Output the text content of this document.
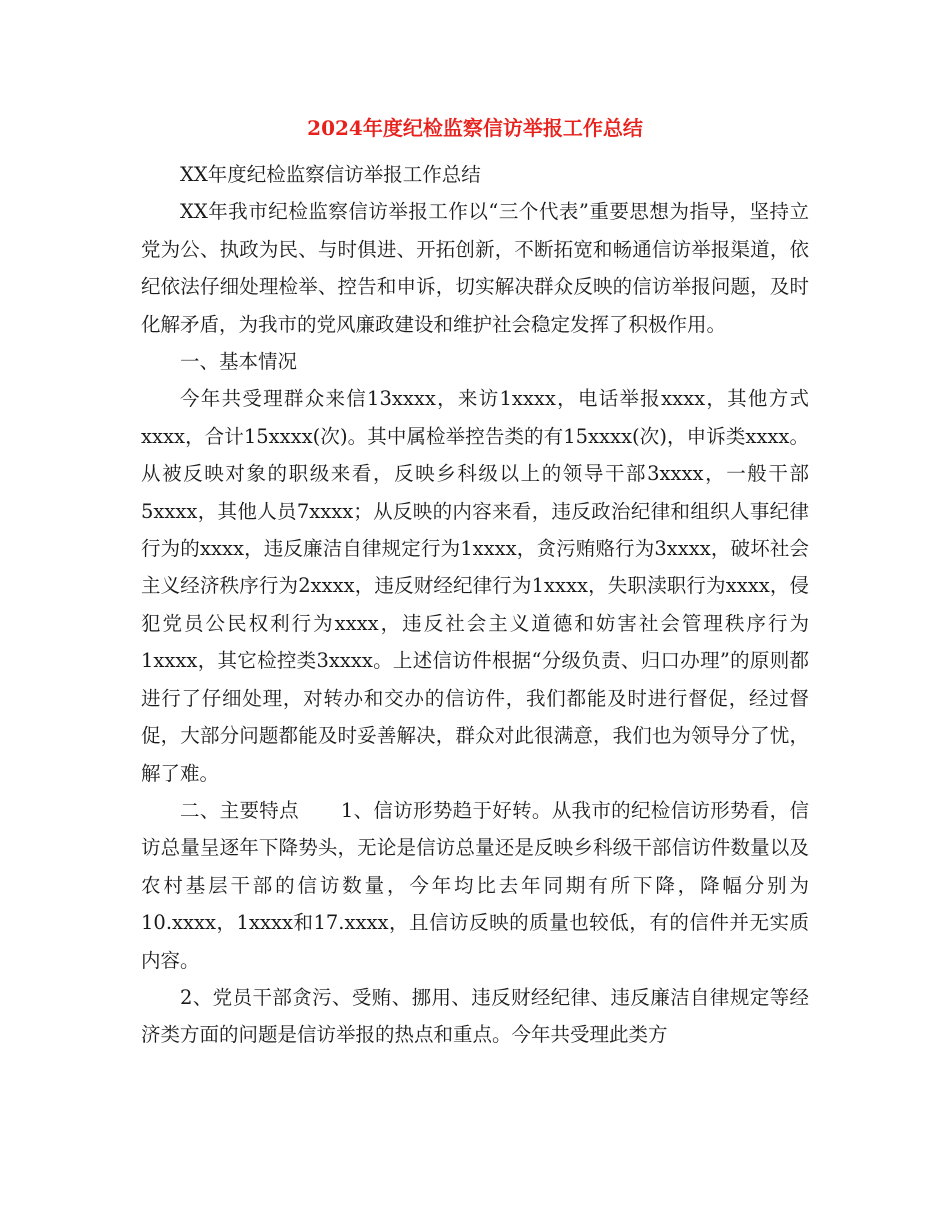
2024年度纪检监察信访举报工作总结

XX年度纪检监察信访举报工作总结

XX年我市纪检监察信访举报工作以“三个代表”重要思想为指导，坚持立党为公、执政为民、与时俱进、开拓创新，不断拓宽和畅通信访举报渠道，依纪依法仔细处理检举、控告和申诉，切实解决群众反映的信访举报问题，及时化解矛盾，为我市的党风廉政建设和维护社会稳定发挥了积极作用。

一、基本情况

今年共受理群众来信13xxxx，来访1xxxx，电话举报xxxx，其他方式xxxx，合计15xxxx(次)。其中属检举控告类的有15xxxx(次)，申诉类xxxx。从被反映对象的职级来看，反映乡科级以上的领导干部3xxxx，一般干部5xxxx，其他人员7xxxx；从反映的内容来看，违反政治纪律和组织人事纪律行为的xxxx，违反廉洁自律规定行为1xxxx，贪污贿赂行为3xxxx，破坏社会主义经济秩序行为2xxxx，违反财经纪律行为1xxxx，失职渎职行为xxxx，侵犯党员公民权利行为xxxx，违反社会主义道德和妨害社会管理秩序行为1xxxx，其它检控类3xxxx。上述信访件根据“分级负责、归口办理”的原则都进行了仔细处理，对转办和交办的信访件，我们都能及时进行督促，经过督促，大部分问题都能及时妥善解决，群众对此很满意，我们也为领导分了忧，解了难。

二、主要特点 1、信访形势趋于好转。从我市的纪检信访形势看，信访总量呈逐年下降势头，无论是信访总量还是反映乡科级干部信访件数量以及农村基层干部的信访数量，今年均比去年同期有所下降，降幅分别为10.xxxx，1xxxx和17.xxxx，且信访反映的质量也较低，有的信件并无实质内容。

2、党员干部贪污、受贿、挪用、违反财经纪律、违反廉洁自律规定等经济类方面的问题是信访举报的热点和重点。今年共受理此类方
